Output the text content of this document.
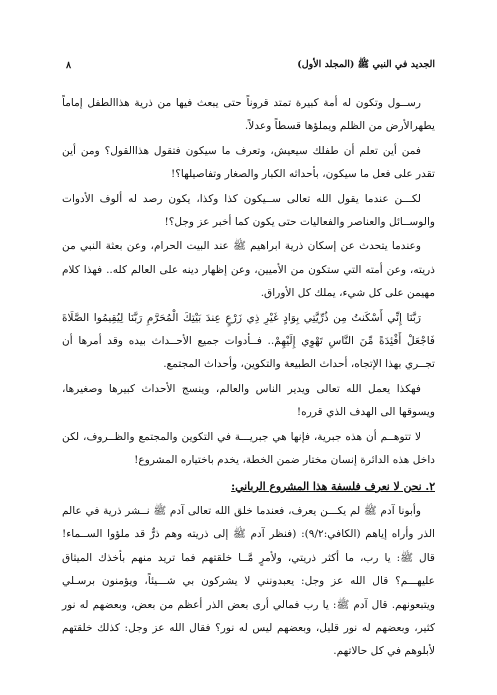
الجديد في النبي ﷺ (المجلد الأول)
٨

رســول وتكون له أمة كبيرة تمتد قروناً حتى يبعث فيها من ذرية هذاالطفل إماماً يطهرالأرض من الظلم ويملؤها قسطاً وعدلاً.

فمن أين تعلم أن طفلك سيعيش، وتعرف ما سيكون فتقول هذاالقول؟ ومن أين تقدر على فعل ما سيكون، بأحداثه الكبار والصغار وتفاصيلها؟!

لكـــن عندما يقول الله تعالى ســيكون كذا وكذا، يكون رصد له ألوف الأدوات والوســائل والعناصر والفعاليات حتى يكون كما أخبر عز وجل؟!

وعندما يتحدث عن إسكان ذرية ابراهيم ﷺ عند البيت الحرام، وعن بعثة النبي من ذريته، وعن أمته التي ستكون من الأميين، وعن إظهار دينه على العالم كله.. فهذا كلام مهيمن على كل شيء، يملك كل الأوراق.

رَبَّنَا إِنِّي أَسْكَنتُ مِن ذُرِّيَّتِي بِوَادٍ غَيْرِ ذِي زَرْعٍ عِندَ بَيْتِكَ الْمُحَرَّمِ رَبَّنَا لِيُقِيمُوا الصَّلَاةَ فَاجْعَلْ أَفْئِدَةً مِّنَ النَّاسِ تَهْوِي إِلَيْهِمْ.. فــأدوات جميع الأحــداث بيده وقد أمرها أن تجــري بهذا الإتجاه، أحداث الطبيعة والتكوين، وأحداث المجتمع.

فهكذا يعمل الله تعالى ويدير الناس والعالم، وينسج الأحداث كبيرها وصغيرها، ويسوقها الى الهدف الذي قرره!

لا تتوهــم أن هذه جبرية، فإنها هي جبريـــة في التكوين والمجتمع والظــروف، لكن داخل هذه الدائرة إنسان مختار ضمن الخطة، يخدم باختياره المشروع!

٢. نحن لا نعرف فلسفة هذا المشروع الرباني:

وأبونا آدم ﷺ لم يكـــن يعرف، فعندما خلق الله تعالى آدم ﷺ نــشر ذرية في عالم الذر وأراه إياهم (الكافي:٩/٢): (فنظر آدم ﷺ إلى ذريته وهم ذرٌّ قد ملؤوا الســماء! قال ﷺ: يا رب، ما أكثر ذريتي، ولأمرٍ مَّــا خلقتهم فما تريد منهم بأخذك الميثاق عليهـــم؟ قال الله عز وجل: يعبدونني لا يشركون بي شـــيئاً، ويؤمنون برسـلي ويتبعونهم. قال آدم ﷺ: يا رب فمالي أرى بعض الذر أعظم من بعض، وبعضهم له نور كثير، وبعضهم له نور قليل، وبعضهم ليس له نور؟ فقال الله عز وجل: كذلك خلقتهم لأبلوهم في كل حالاتهم.
